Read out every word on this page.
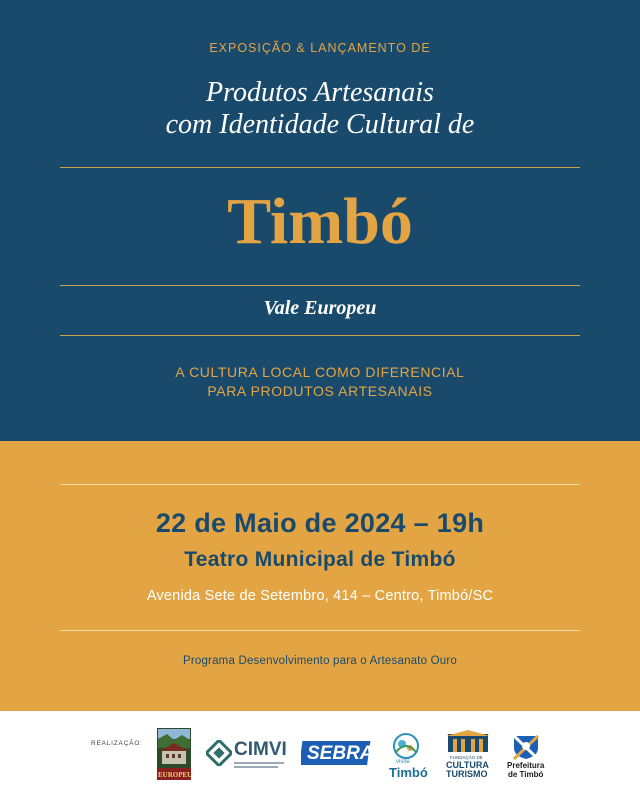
EXPOSIÇÃO & LANÇAMENTO DE
Produtos Artesanais
com Identidade Cultural de
Timbó
Vale Europeu
A CULTURA LOCAL COMO DIFERENCIAL
PARA PRODUTOS ARTESANAIS
22 de Maio de 2024 – 19h
Teatro Municipal de Timbó
Avenida Sete de Setembro, 414 – Centro, Timbó/SC
Programa Desenvolvimento para o Artesanato Ouro
REALIZAÇÃO:
EUROPEU
CIMVI SEBRAE visite
Timbó
FUNDAÇÃO DE
CULTURA
TURISMO
Prefeitura
de Timbó
